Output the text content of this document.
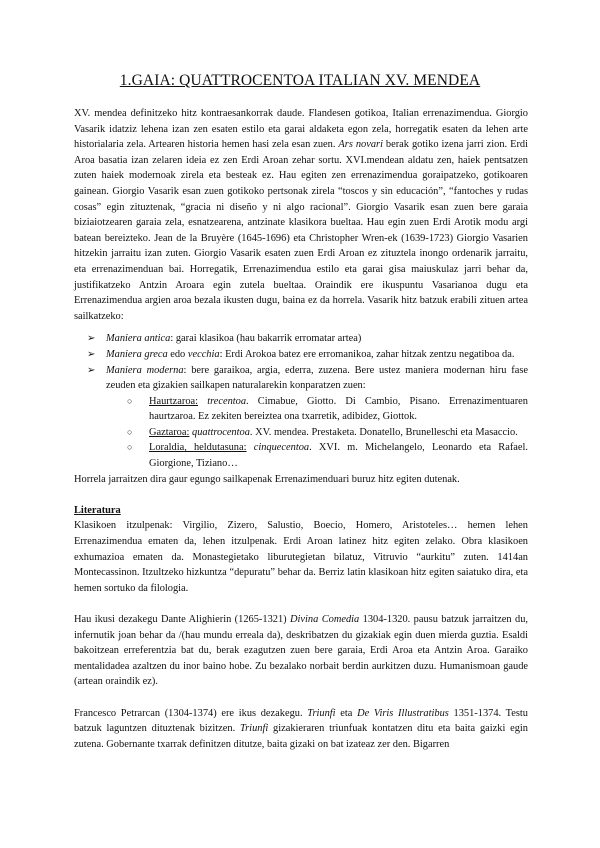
1.GAIA: QUATTROCENTOA ITALIAN XV. MENDEA

XV. mendea definitzeko hitz kontraesankorrak daude. Flandesen gotikoa, Italian errenazimendua. Giorgio Vasarik idatziz lehena izan zen esaten estilo eta garai aldaketa egon zela, horregatik esaten da lehen arte historialaria zela. Artearen historia hemen hasi zela esan zuen. Ars novari berak gotiko izena jarri zion. Erdi Aroa basatia izan zelaren ideia ez zen Erdi Aroan zehar sortu. XVI.mendean aldatu zen, haiek pentsatzen zuten haiek modernoak zirela eta besteak ez. Hau egiten zen errenazimendua goraipatzeko, gotikoaren gainean. Giorgio Vasarik esan zuen gotikoko pertsonak zirela “toscos y sin educación”, “fantoches y rudas cosas” egin zituztenak, “gracia ni diseño y ni algo racional”. Giorgio Vasarik esan zuen bere garaia biziaiotzearen garaia zela, esnatzearena, antzinate klasikora bueltaa. Hau egin zuen Erdi Arotik modu argi batean bereizteko. Jean de la Bruyère (1645-1696) eta Christopher Wren-ek (1639-1723) Giorgio Vasarien hitzekin jarraitu izan zuten. Giorgio Vasarik esaten zuen Erdi Aroan ez zituztela inongo ordenarik jarraitu, eta errenazimenduan bai. Horregatik, Errenazimendua estilo eta garai gisa maiuskulaz jarri behar da, justifikatzeko Antzin Aroara egin zutela bueltaa. Oraindik ere ikuspuntu Vasarianoa dugu eta Errenazimendua argien aroa bezala ikusten dugu, baina ez da horrela. Vasarik hitz batzuk erabili zituen artea sailkatzeko:

➢ Maniera antica: garai klasikoa (hau bakarrik erromatar artea)
➢ Maniera greca edo vecchia: Erdi Arokoa batez ere erromanikoa, zahar hitzak zentzu negatiboa da.
➢ Maniera moderna: bere garaikoa, argia, ederra, zuzena. Bere ustez maniera modernan hiru fase zeuden eta gizakien sailkapen naturalarekin konparatzen zuen:
○ Haurtzaroa: trecentoa. Cimabue, Giotto. Di Cambio, Pisano. Errenazimentuaren haurtzaroa. Ez zekiten bereiztea ona txarretik, adibidez, Giottok.
○ Gaztaroa: quattrocentoa. XV. mendea. Prestaketa. Donatello, Brunelleschi eta Masaccio.
○ Loraldia, heldutasuna: cinquecentoa. XVI. m. Michelangelo, Leonardo eta Rafael. Giorgione, Tiziano…

Horrela jarraitzen dira gaur egungo sailkapenak Errenazimenduari buruz hitz egiten dutenak.

Literatura

Klasikoen itzulpenak: Virgilio, Zizero, Salustio, Boecio, Homero, Aristoteles… hemen lehen Errenazimendua ematen da, lehen itzulpenak. Erdi Aroan latinez hitz egiten zelako. Obra klasikoen exhumazioa ematen da. Monastegietako liburutegietan bilatuz, Vitruvio “aurkitu” zuten. 1414an Montecassinon. Itzultzeko hizkuntza “depuratu” behar da. Berriz latin klasikoan hitz egiten saiatuko dira, eta hemen sortuko da filologia.

Hau ikusi dezakegu Dante Alighierin (1265-1321) Divina Comedia 1304-1320. pausu batzuk jarraitzen du, infernutik joan behar da /(hau mundu erreala da), deskribatzen du gizakiak egin duen mierda guztia. Esaldi bakoitzean erreferentzia bat du, berak ezagutzen zuen bere garaia, Erdi Aroa eta Antzin Aroa. Garaiko mentalidadea azaltzen du inor baino hobe. Zu bezalako norbait berdin aurkitzen duzu. Humanismoan gaude (artean oraindik ez).

Francesco Petrarcan (1304-1374) ere ikus dezakegu. Triunfi eta De Viris Illustratibus 1351-1374. Testu batzuk laguntzen dituztenak bizitzen. Triunfi gizakieraren triunfuak kontatzen ditu eta baita gaizki egin zutena. Gobernante txarrak definitzen ditutze, baita gizaki on bat izateaz zer den. Bigarren
